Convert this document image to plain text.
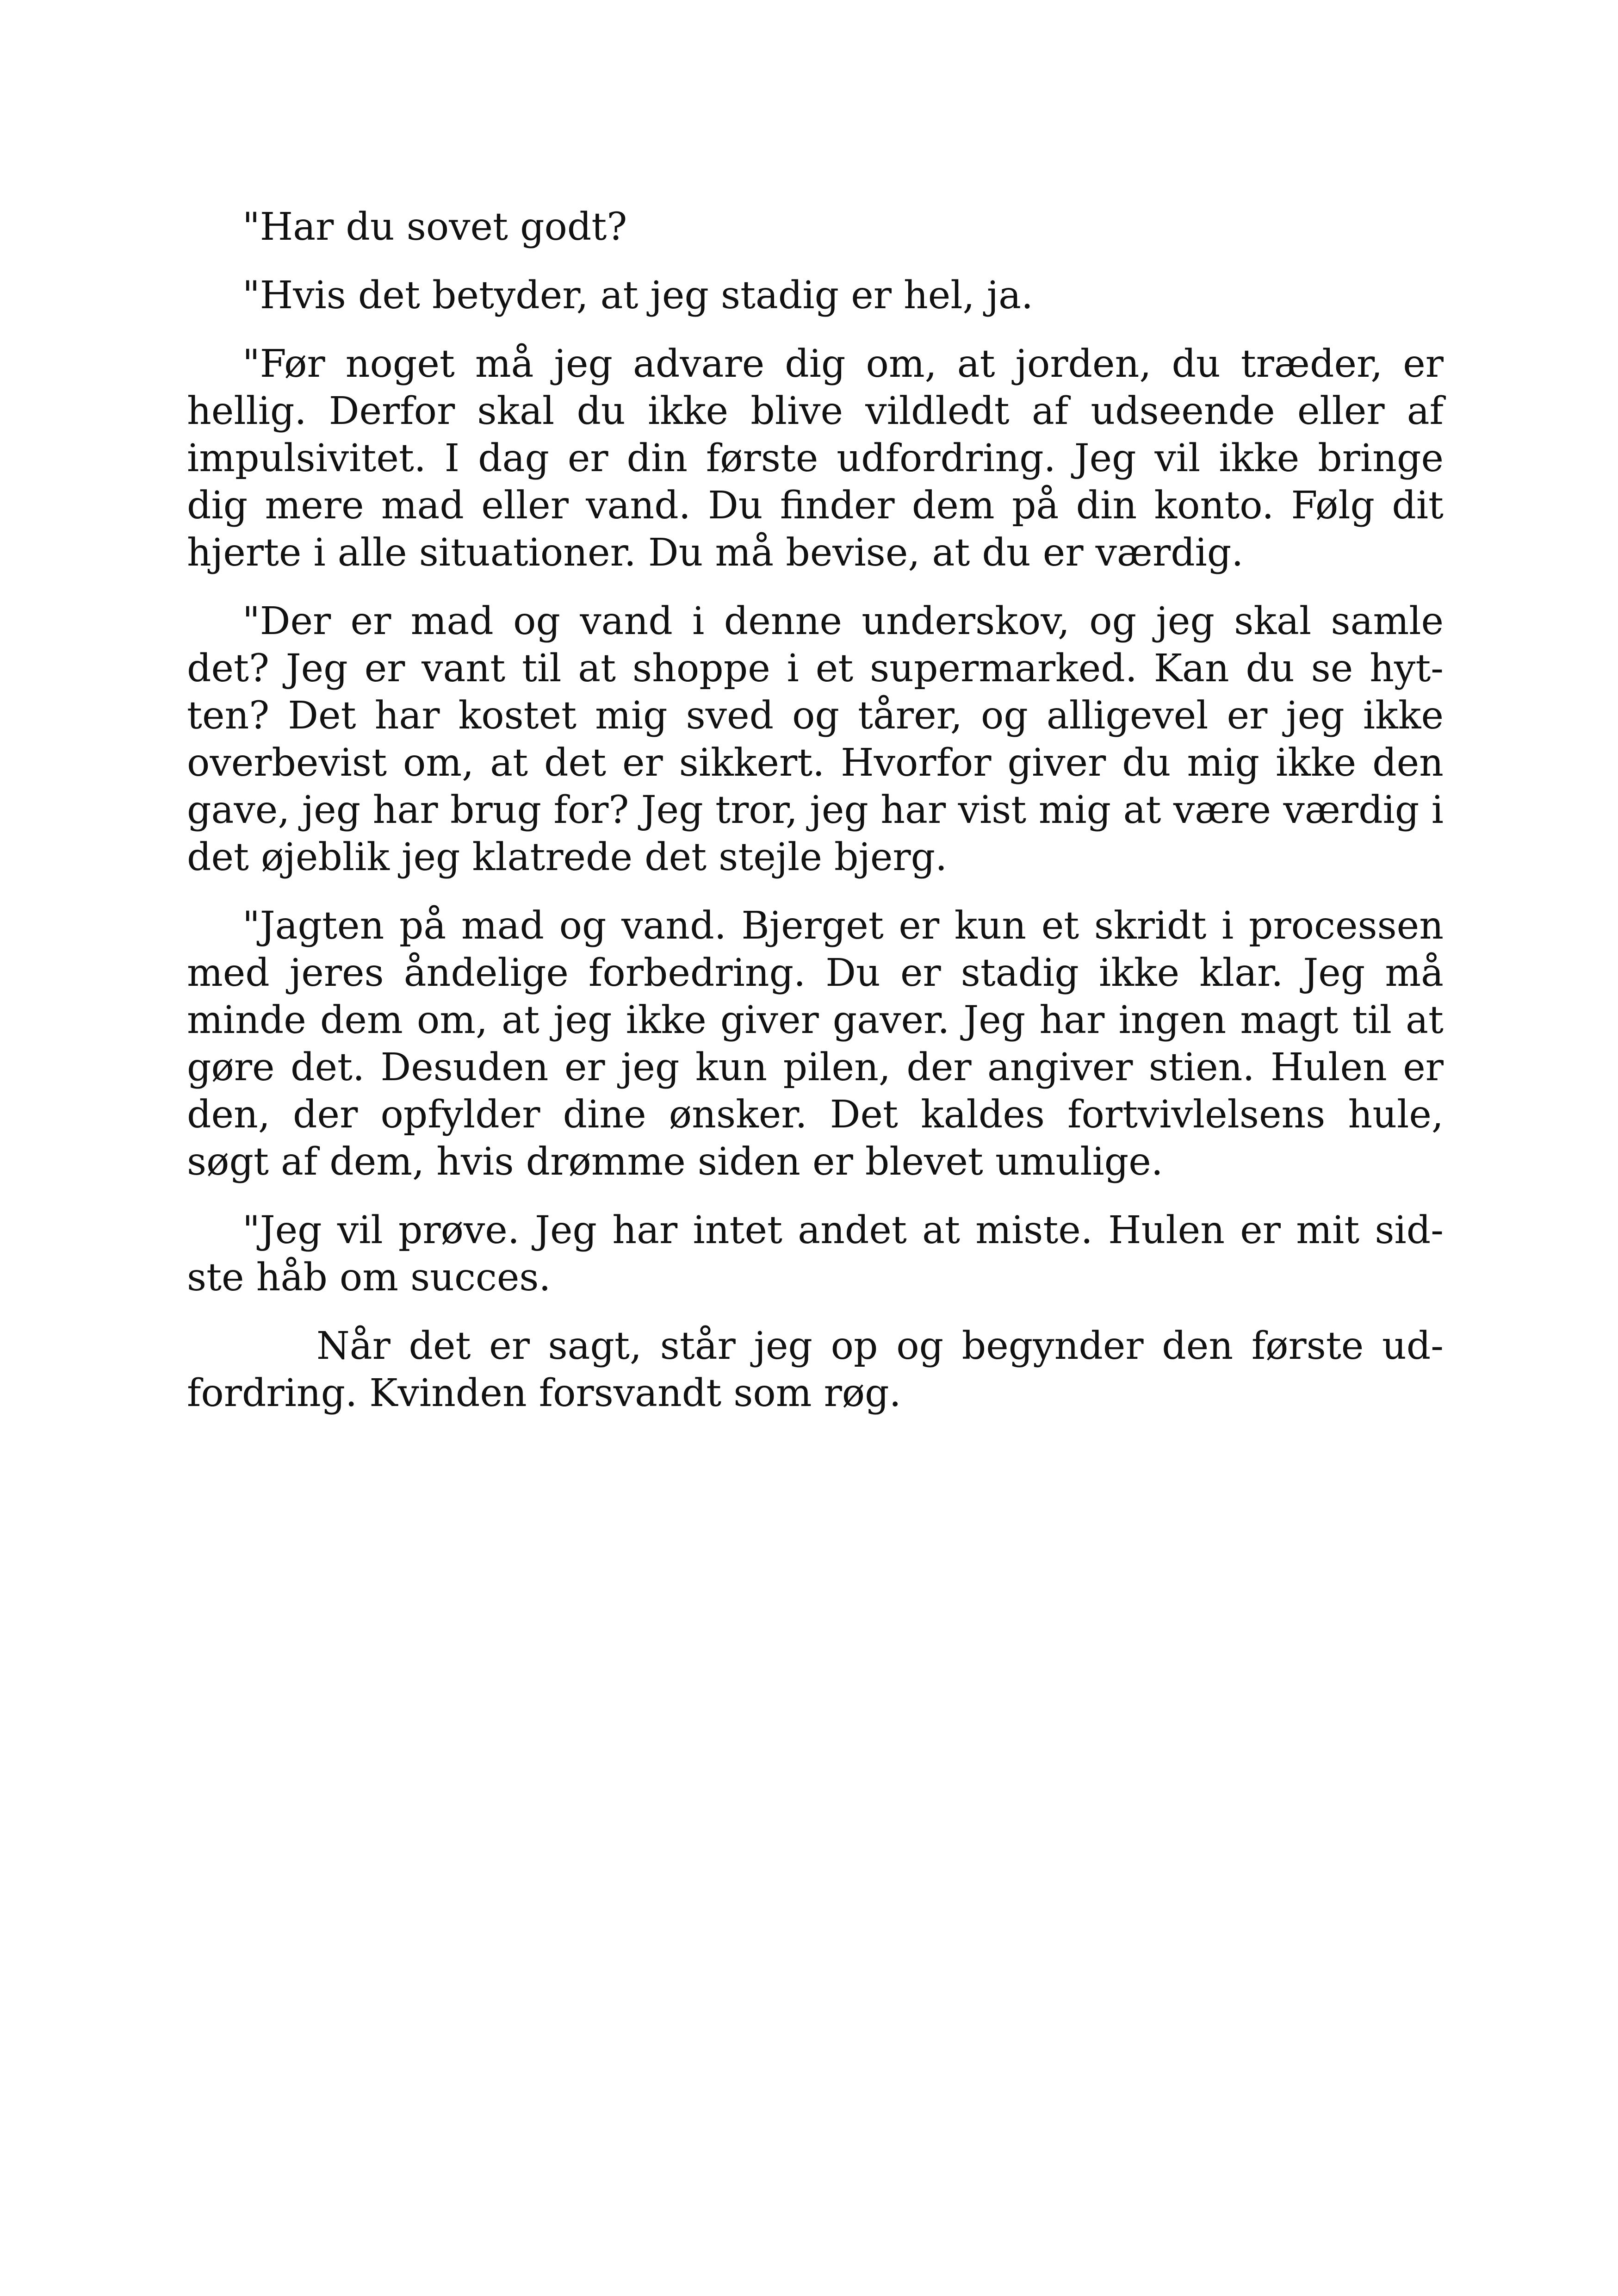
"Har du sovet godt?

"Hvis det betyder, at jeg stadig er hel, ja.

"Før noget må jeg advare dig om, at jorden, du træder, er hellig. Derfor skal du ikke blive vildledt af udseende eller af impulsivitet. I dag er din første udfordring. Jeg vil ikke bringe dig mere mad eller vand. Du finder dem på din konto. Følg dit hjerte i alle situationer. Du må bevise, at du er værdig.

"Der er mad og vand i denne underskov, og jeg skal samle det? Jeg er vant til at shoppe i et supermarked. Kan du se hytten? Det har kostet mig sved og tårer, og alligevel er jeg ikke overbevist om, at det er sikkert. Hvorfor giver du mig ikke den gave, jeg har brug for? Jeg tror, jeg har vist mig at være værdig i det øjeblik jeg klatrede det stejle bjerg.

"Jagten på mad og vand. Bjerget er kun et skridt i processen med jeres åndelige forbedring. Du er stadig ikke klar. Jeg må minde dem om, at jeg ikke giver gaver. Jeg har ingen magt til at gøre det. Desuden er jeg kun pilen, der angiver stien. Hulen er den, der opfylder dine ønsker. Det kaldes fortvivlelsens hule, søgt af dem, hvis drømme siden er blevet umulige.

"Jeg vil prøve. Jeg har intet andet at miste. Hulen er mit sidste håb om succes.

Når det er sagt, står jeg op og begynder den første udfordring. Kvinden forsvandt som røg.
